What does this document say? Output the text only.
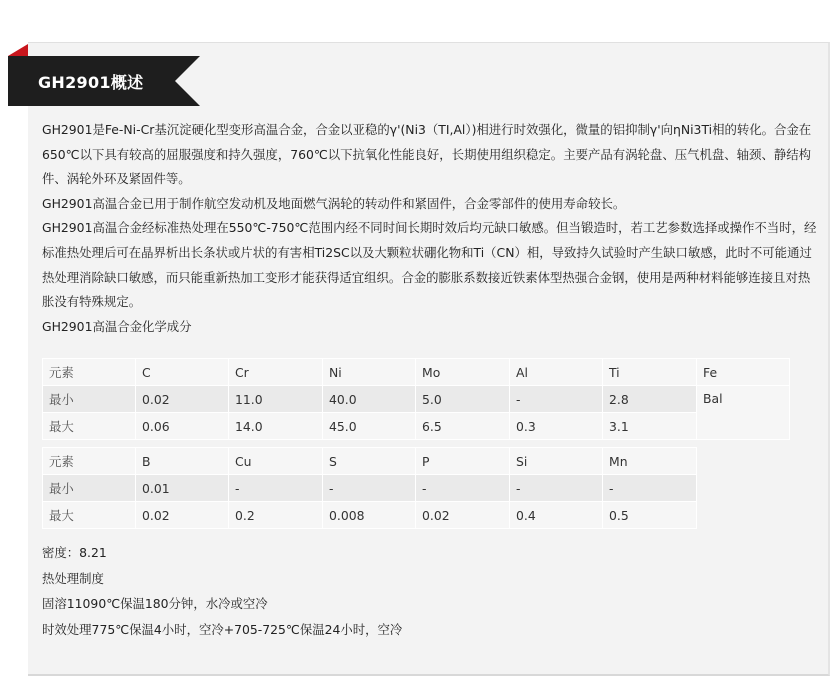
GH2901概述

GH2901是Fe-Ni-Cr基沉淀硬化型变形高温合金，合金以亚稳的γ'(Ni3（TI,Al）)相进行时效强化，微量的铝抑制γ'向ηNi3Ti相的转化。合金在650℃以下具有较高的屈服强度和持久强度，760℃以下抗氧化性能良好，长期使用组织稳定。主要产品有涡轮盘、压气机盘、轴颈、静结构件、涡轮外环及紧固件等。

GH2901高温合金已用于制作航空发动机及地面燃气涡轮的转动件和紧固件，合金零部件的使用寿命较长。

GH2901高温合金经标准热处理在550℃-750℃范围内经不同时间长期时效后均元缺口敏感。但当锻造时，若工艺参数选择或操作不当时，经标准热处理后可在晶界析出长条状或片状的有害相Ti2SC以及大颗粒状硼化物和Ti（CN）相，导致持久试验时产生缺口敏感，此时不可能通过热处理消除缺口敏感，而只能重新热加工变形才能获得适宜组织。合金的膨胀系数接近铁素体型热强合金钢，使用是两种材料能够连接且对热胀没有特殊规定。

GH2901高温合金化学成分

元素	C	Cr	Ni	Mo	Al	Ti	Fe
最小	0.02	11.0	40.0	5.0	-	2.8	Bal
最大	0.06	14.0	45.0	6.5	0.3	3.1	
元素	B	Cu	S	P	Si	Mn
最小	0.01	-	-	-	-	-
最大	0.02	0.2	0.008	0.02	0.4	0.5

密度：8.21

热处理制度

固溶11090℃保温180分钟，水冷或空冷

时效处理775℃保温4小时，空冷+705-725℃保温24小时，空冷
